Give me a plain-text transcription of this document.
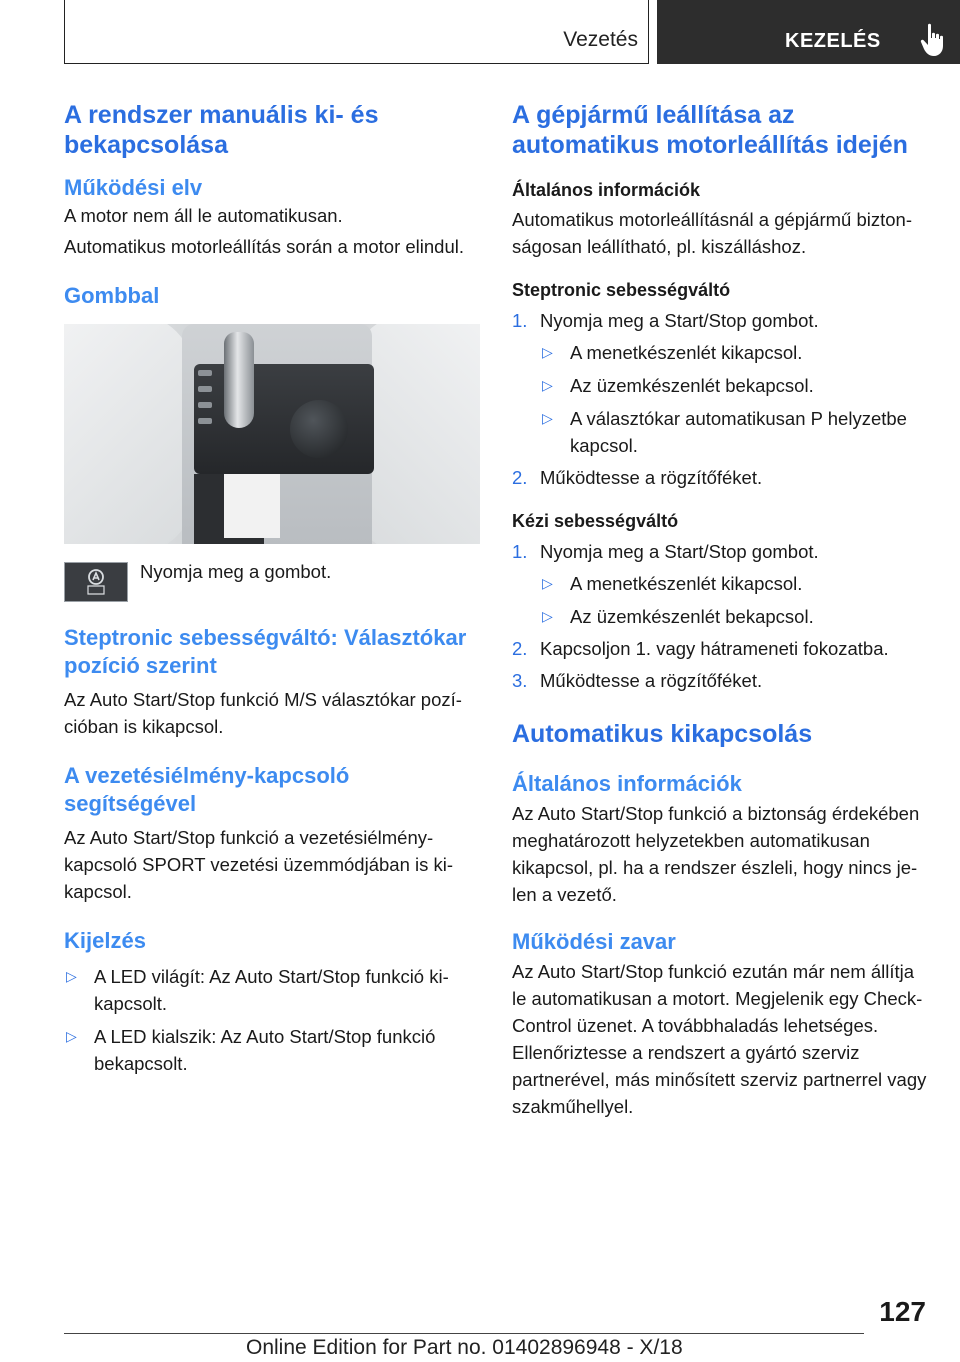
Vezetés	KEZELÉS
A rendszer manuális ki- és bekapcsolása
Működési elv

A motor nem áll le automatikusan.

Automatikus motorleállítás során a motor elindul.

Gombbal

Nyomja meg a gombot.

Steptronic sebességváltó: Választókar pozíció szerint

Az Auto Start/Stop funkció M/S választókar pozícióban is kikapcsol.

A vezetésiélmény-kapcsoló segítségével

Az Auto Start/Stop funkció a vezetésiélménykapcsoló SPORT vezetési üzemmódjában is kikapcsol.

Kijelzés
▷ A LED világít: Az Auto Start/Stop funkció kikapcsolt.
▷ A LED kialszik: Az Auto Start/Stop funkció bekapcsolt.
A gépjármű leállítása az automatikus motorleállítás idején
Általános információk

Automatikus motorleállításnál a gépjármű biztonságosan leállítható, pl. kiszálláshoz.

Steptronic sebességváltó
1. Nyomja meg a Start/Stop gombot.
▷ A menetkészenlét kikapcsol.
▷ Az üzemkészenlét bekapcsol.
▷ A választókar automatikusan P helyzetbe kapcsol.
2. Működtesse a rögzítőféket.
Kézi sebességváltó
1. Nyomja meg a Start/Stop gombot.
▷ A menetkészenlét kikapcsol.
▷ Az üzemkészenlét bekapcsol.
2. Kapcsoljon 1. vagy hátrameneti fokozatba.
3. Működtesse a rögzítőféket.
Automatikus kikapcsolás
Általános információk

Az Auto Start/Stop funkció a biztonság érdekében meghatározott helyzetekben automatikusan kikapcsol, pl. ha a rendszer észleli, hogy nincs jelen a vezető.

Működési zavar

Az Auto Start/Stop funkció ezután már nem állítja le automatikusan a motort. Megjelenik egy Check-Control üzenet. A továbbhaladás lehetséges. Ellenőriztesse a rendszert a gyártó szerviz partnerével, más minősített szerviz partnerrel vagy szakműhellyel.

127
Online Edition for Part no. 01402896948 - X/18
